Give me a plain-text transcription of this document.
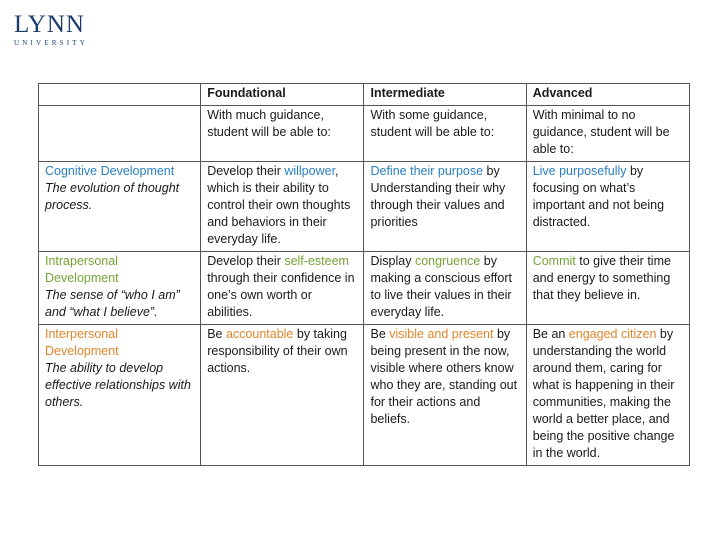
LYNN
UNIVERSITY
	Foundational	Intermediate	Advanced
	With much guidance, student will be able to:	With some guidance, student will be able to:	With minimal to no guidance, student will be able to:
Cognitive Development
The evolution of thought process.	Develop their willpower, which is their ability to control their own thoughts and behaviors in their everyday life.	Define their purpose by Understanding their why through their values and priorities	Live purposefully by focusing on what’s important and not being distracted.
Intrapersonal Development
The sense of “who I am” and “what I believe”.	Develop their self-esteem through their confidence in one’s own worth or abilities.	Display congruence by making a conscious effort to live their values in their everyday life.	Commit to give their time and energy to something that they believe in.
Interpersonal Development
The ability to develop effective relationships with others.	Be accountable by taking responsibility of their own actions.	Be visible and present by being present in the now, visible where others know who they are, standing out for their actions and beliefs.	Be an engaged citizen by understanding the world around them, caring for what is happening in their communities, making the world a better place, and being the positive change in the world.
